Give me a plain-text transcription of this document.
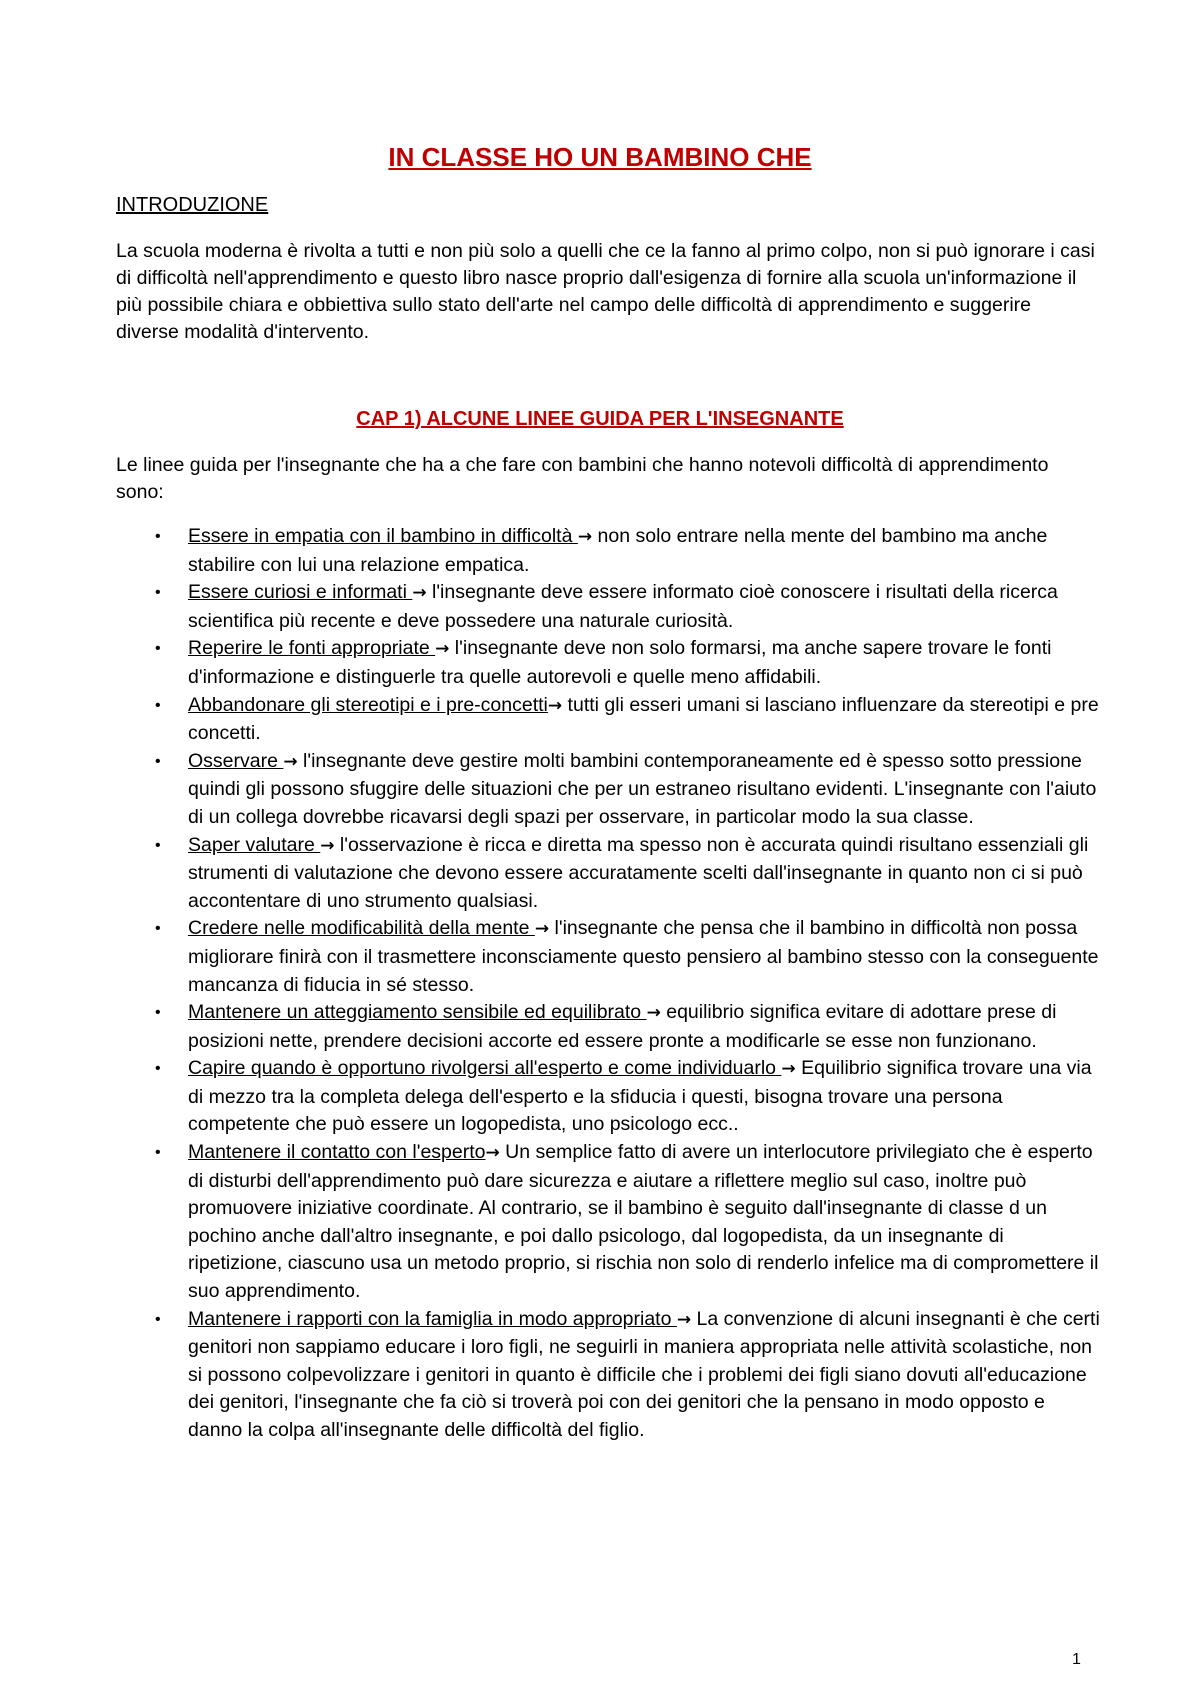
IN CLASSE HO UN BAMBINO CHE

INTRODUZIONE

La scuola moderna è rivolta a tutti e non più solo a quelli che ce la fanno al primo colpo, non si può ignorare i casi di difficoltà nell'apprendimento e questo libro nasce proprio dall'esigenza di fornire alla scuola un'informazione il più possibile chiara e obbiettiva sullo stato dell'arte nel campo delle difficoltà di apprendimento e suggerire diverse modalità d'intervento.

CAP 1) ALCUNE LINEE GUIDA PER L'INSEGNANTE

Le linee guida per l'insegnante che ha a che fare con bambini che hanno notevoli difficoltà di apprendimento sono:

• Essere in empatia con il bambino in difficoltà → non solo entrare nella mente del bambino ma anche stabilire con lui una relazione empatica.
• Essere curiosi e informati → l'insegnante deve essere informato cioè conoscere i risultati della ricerca scientifica più recente e deve possedere una naturale curiosità.
• Reperire le fonti appropriate → l'insegnante deve non solo formarsi, ma anche sapere trovare le fonti d'informazione e distinguerle tra quelle autorevoli e quelle meno affidabili.
• Abbandonare gli stereotipi e i pre-concetti→ tutti gli esseri umani si lasciano influenzare da stereotipi e pre concetti.
• Osservare → l'insegnante deve gestire molti bambini contemporaneamente ed è spesso sotto pressione quindi gli possono sfuggire delle situazioni che per un estraneo risultano evidenti. L'insegnante con l'aiuto di un collega dovrebbe ricavarsi degli spazi per osservare, in particolar modo la sua classe.
• Saper valutare → l'osservazione è ricca e diretta ma spesso non è accurata quindi risultano essenziali gli strumenti di valutazione che devono essere accuratamente scelti dall'insegnante in quanto non ci si può accontentare di uno strumento qualsiasi.
• Credere nelle modificabilità della mente → l'insegnante che pensa che il bambino in difficoltà non possa migliorare finirà con il trasmettere inconsciamente questo pensiero al bambino stesso con la conseguente mancanza di fiducia in sé stesso.
• Mantenere un atteggiamento sensibile ed equilibrato → equilibrio significa evitare di adottare prese di posizioni nette, prendere decisioni accorte ed essere pronte a modificarle se esse non funzionano.
• Capire quando è opportuno rivolgersi all'esperto e come individuarlo → Equilibrio significa trovare una via di mezzo tra la completa delega dell'esperto e la sfiducia i questi, bisogna trovare una persona competente che può essere un logopedista, uno psicologo ecc..
• Mantenere il contatto con l'esperto→ Un semplice fatto di avere un interlocutore privilegiato che è esperto di disturbi dell'apprendimento può dare sicurezza e aiutare a riflettere meglio sul caso, inoltre può promuovere iniziative coordinate. Al contrario, se il bambino è seguito dall'insegnante di classe d un pochino anche dall'altro insegnante, e poi dallo psicologo, dal logopedista, da un insegnante di ripetizione, ciascuno usa un metodo proprio, si rischia non solo di renderlo infelice ma di compromettere il suo apprendimento.
• Mantenere i rapporti con la famiglia in modo appropriato → La convenzione di alcuni insegnanti è che certi genitori non sappiamo educare i loro figli, ne seguirli in maniera appropriata nelle attività scolastiche, non si possono colpevolizzare i genitori in quanto è difficile che i problemi dei figli siano dovuti all'educazione dei genitori, l'insegnante che fa ciò si troverà poi con dei genitori che la pensano in modo opposto e danno la colpa all'insegnante delle difficoltà del figlio.

1
